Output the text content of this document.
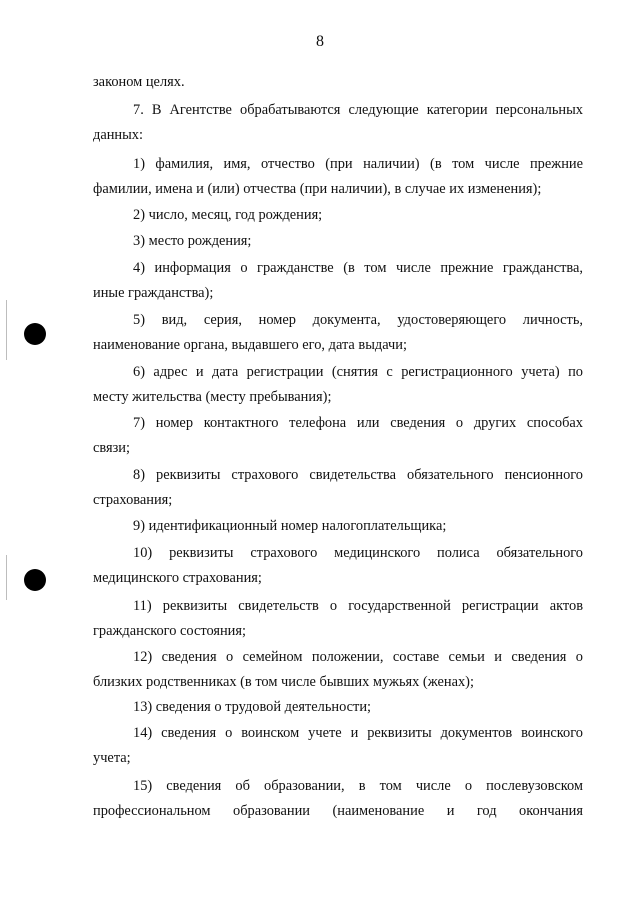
8
законом целях.
7. В Агентстве обрабатываются следующие категории персональных
данных:
1) фамилия, имя, отчество (при наличии) (в том числе прежние
фамилии, имена и (или) отчества (при наличии), в случае их изменения);
2) число, месяц, год рождения;
3) место рождения;
4) информация о гражданстве (в том числе прежние гражданства,
иные гражданства);
5) вид, серия, номер документа, удостоверяющего личность,
наименование органа, выдавшего его, дата выдачи;
6) адрес и дата регистрации (снятия с регистрационного учета) по
месту жительства (месту пребывания);
7) номер контактного телефона или сведения о других способах
связи;
8) реквизиты страхового свидетельства обязательного пенсионного
страхования;
9) идентификационный номер налогоплательщика;
10) реквизиты страхового медицинского полиса обязательного
медицинского страхования;
11) реквизиты свидетельств о государственной регистрации актов
гражданского состояния;
12) сведения о семейном положении, составе семьи и сведения о
близких родственниках (в том числе бывших мужьях (женах);
13) сведения о трудовой деятельности;
14) сведения о воинском учете и реквизиты документов воинского
учета;
15) сведения об образовании, в том числе о послевузовском
профессиональном образовании (наименование и год окончания
